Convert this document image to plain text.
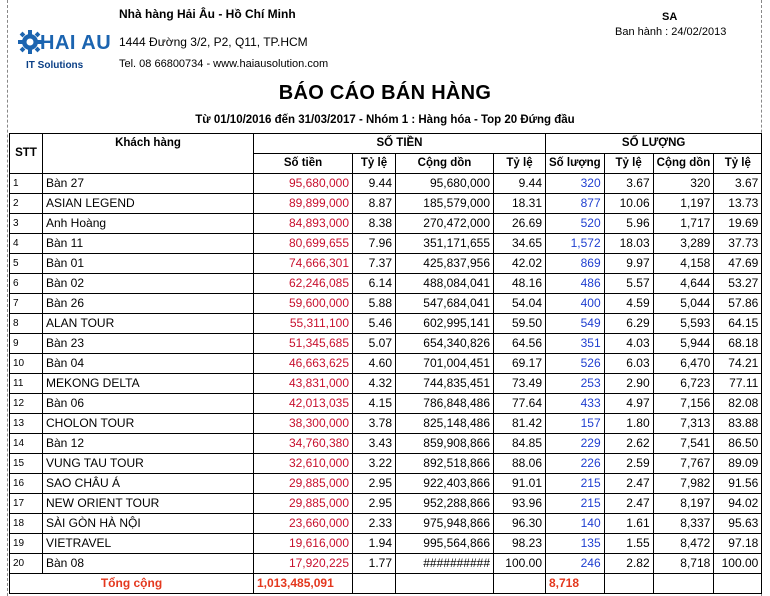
HAI AU
IT Solutions
Nhà hàng Hải Âu - Hồ Chí Minh
1444 Đường 3/2, P2, Q11, TP.HCM
Tel. 08 66800734 - www.haiausolution.com
SA
Ban hành : 24/02/2013
BÁO CÁO BÁN HÀNG
Từ 01/10/2016 đến 31/03/2017 - Nhóm 1 : Hàng hóa - Top 20 Đứng đầu
STT	Khách hàng	SỐ TIỀN				SỐ LƯỢNG			
		Số tiền	Tỷ lệ	Cộng dồn	Tỷ lệ	Số lượng	Tỷ lệ	Cộng dồn	Tỷ lệ
1	Bàn 27	95,680,000	9.44	95,680,000	9.44	320	3.67	320	3.67
2	ASIAN LEGEND	89,899,000	8.87	185,579,000	18.31	877	10.06	1,197	13.73
3	Anh Hoàng	84,893,000	8.38	270,472,000	26.69	520	5.96	1,717	19.69
4	Bàn 11	80,699,655	7.96	351,171,655	34.65	1,572	18.03	3,289	37.73
5	Bàn 01	74,666,301	7.37	425,837,956	42.02	869	9.97	4,158	47.69
6	Bàn 02	62,246,085	6.14	488,084,041	48.16	486	5.57	4,644	53.27
7	Bàn 26	59,600,000	5.88	547,684,041	54.04	400	4.59	5,044	57.86
8	ALAN TOUR	55,311,100	5.46	602,995,141	59.50	549	6.29	5,593	64.15
9	Bàn 23	51,345,685	5.07	654,340,826	64.56	351	4.03	5,944	68.18
10	Bàn 04	46,663,625	4.60	701,004,451	69.17	526	6.03	6,470	74.21
11	MEKONG DELTA	43,831,000	4.32	744,835,451	73.49	253	2.90	6,723	77.11
12	Bàn 06	42,013,035	4.15	786,848,486	77.64	433	4.97	7,156	82.08
13	CHOLON TOUR	38,300,000	3.78	825,148,486	81.42	157	1.80	7,313	83.88
14	Bàn 12	34,760,380	3.43	859,908,866	84.85	229	2.62	7,541	86.50
15	VUNG TAU TOUR	32,610,000	3.22	892,518,866	88.06	226	2.59	7,767	89.09
16	SAO CHÂU Á	29,885,000	2.95	922,403,866	91.01	215	2.47	7,982	91.56
17	NEW ORIENT TOUR	29,885,000	2.95	952,288,866	93.96	215	2.47	8,197	94.02
18	SÀI GÒN HÀ NỘI	23,660,000	2.33	975,948,866	96.30	140	1.61	8,337	95.63
19	VIETRAVEL	19,616,000	1.94	995,564,866	98.23	135	1.55	8,472	97.18
20	Bàn 08	17,920,225	1.77	##########	100.00	246	2.82	8,718	100.00
Tổng cộng		1,013,485,091				8,718			
